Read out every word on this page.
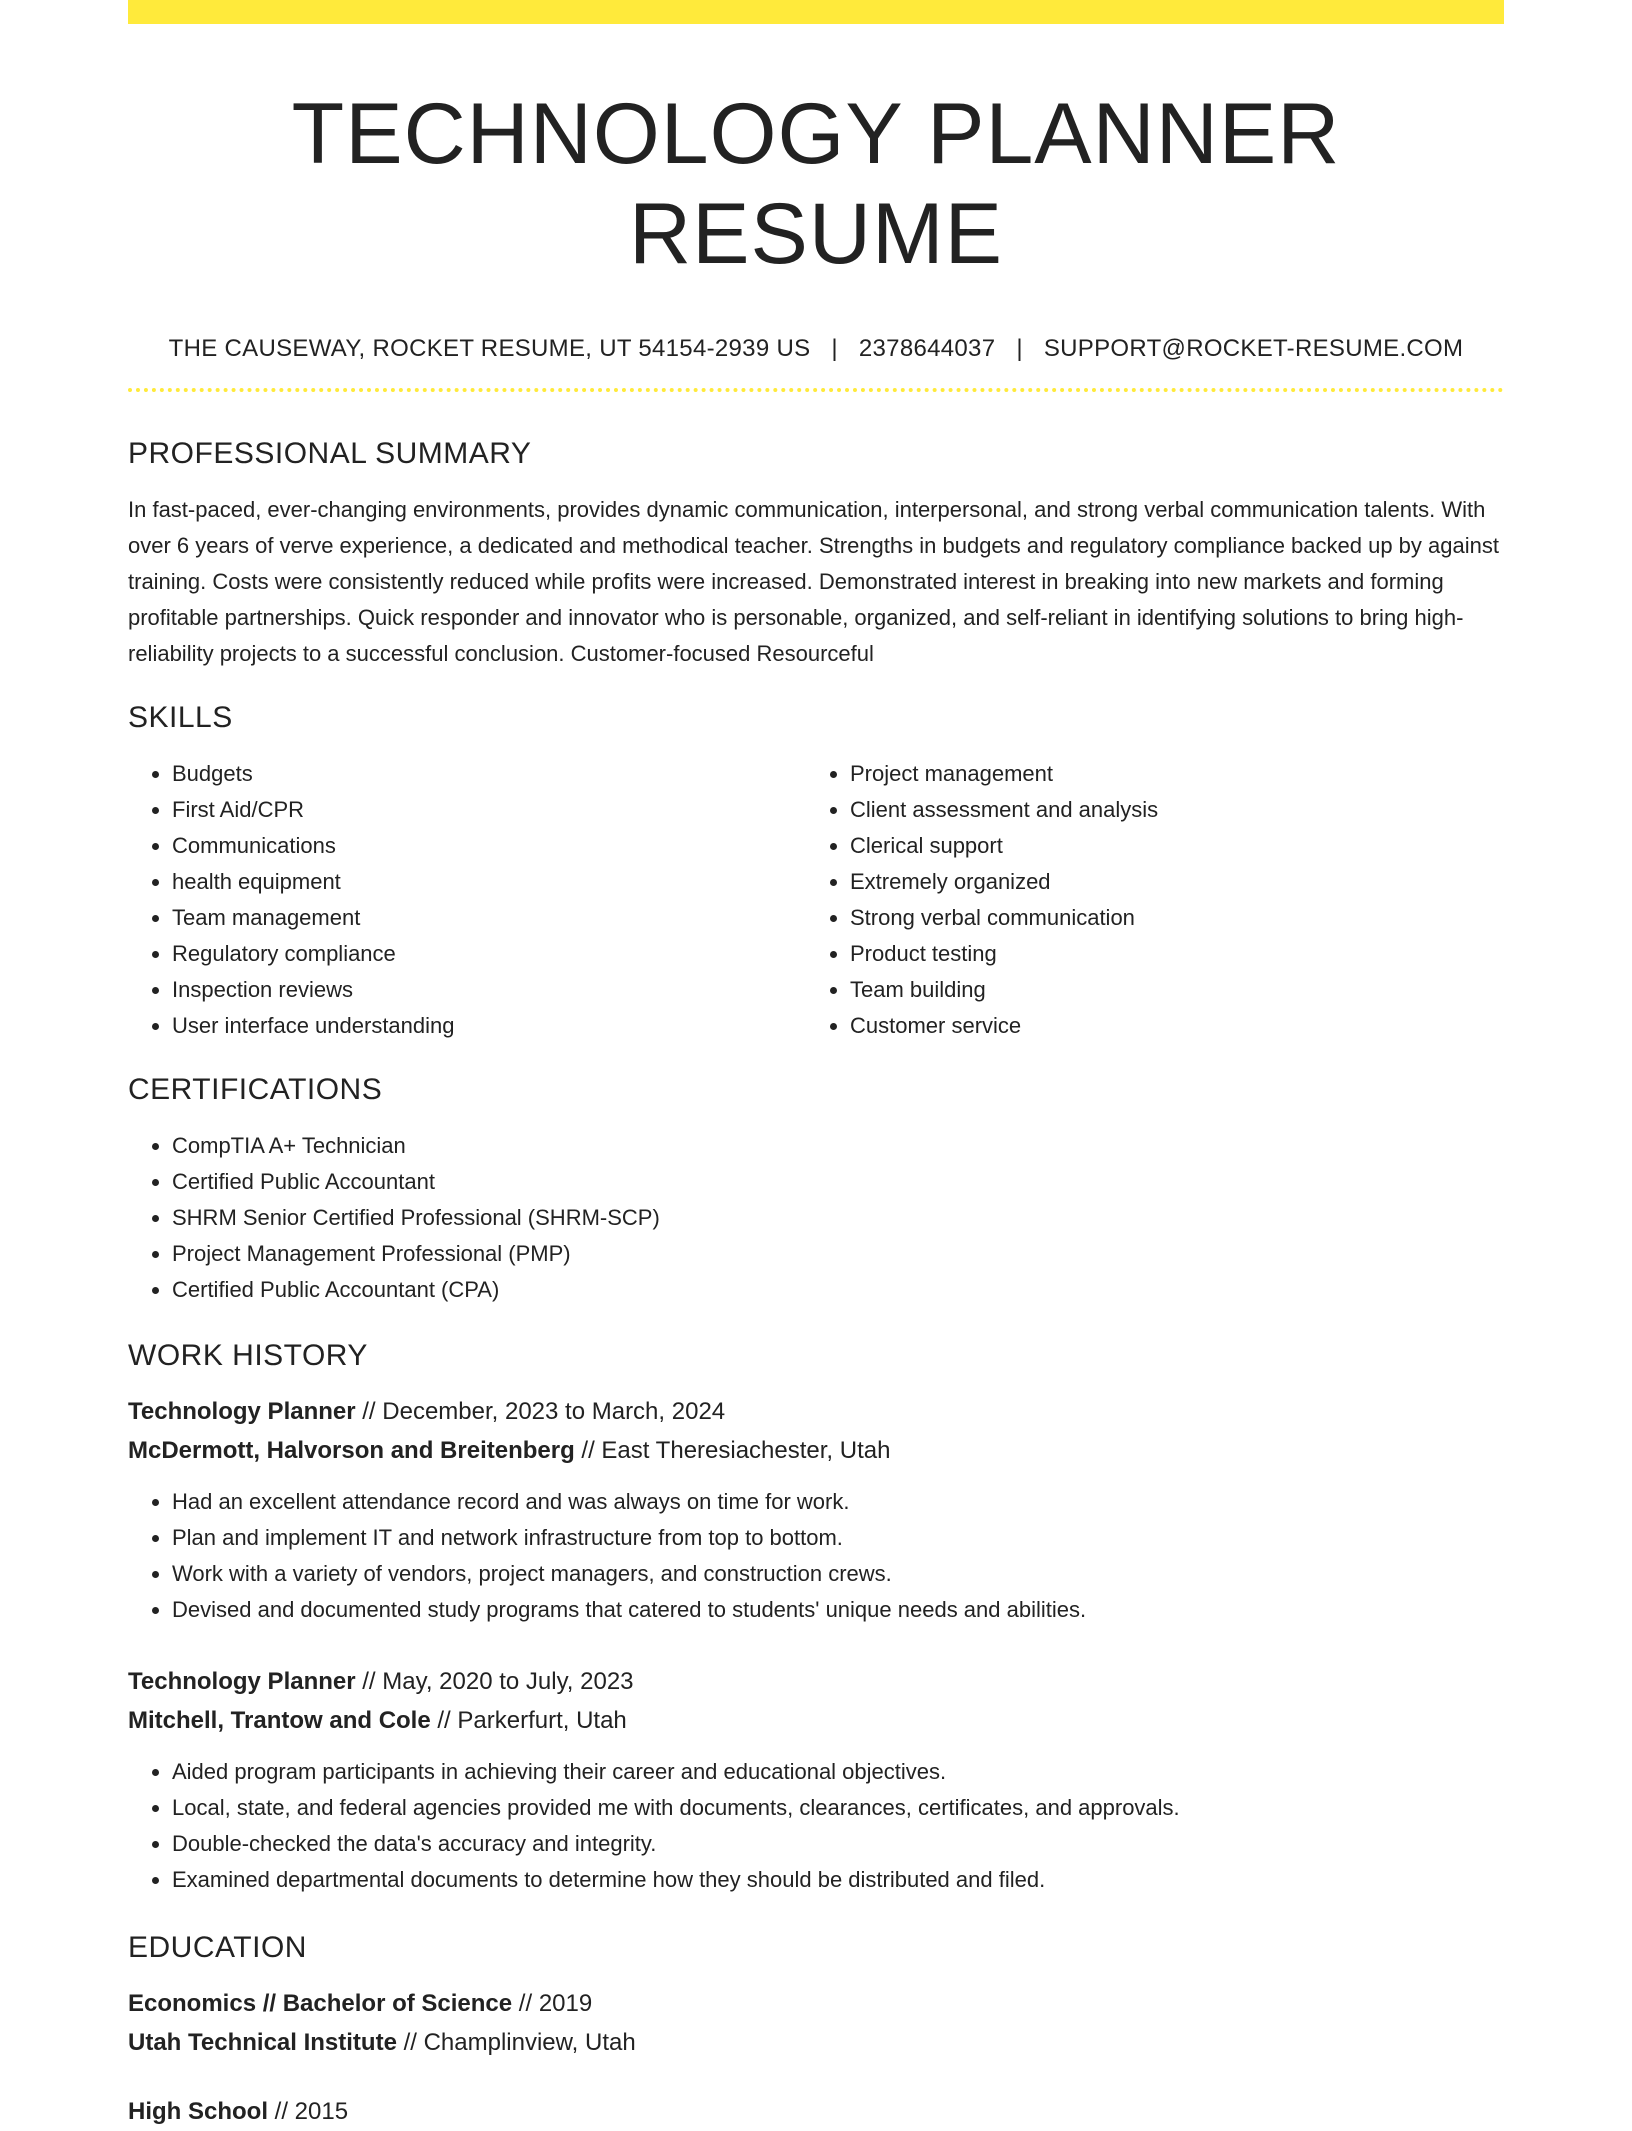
TECHNOLOGY PLANNER RESUME
THE CAUSEWAY, ROCKET RESUME, UT 54154-2939 US | 2378644037 | SUPPORT@ROCKET-RESUME.COM
PROFESSIONAL SUMMARY

In fast-paced, ever-changing environments, provides dynamic communication, interpersonal, and strong verbal communication talents. With over 6 years of verve experience, a dedicated and methodical teacher. Strengths in budgets and regulatory compliance backed up by against training. Costs were consistently reduced while profits were increased. Demonstrated interest in breaking into new markets and forming profitable partnerships. Quick responder and innovator who is personable, organized, and self-reliant in identifying solutions to bring high-reliability projects to a successful conclusion. Customer-focused Resourceful

SKILLS
• Budgets
• First Aid/CPR
• Communications
• health equipment
• Team management
• Regulatory compliance
• Inspection reviews
• User interface understanding
• Project management
• Client assessment and analysis
• Clerical support
• Extremely organized
• Strong verbal communication
• Product testing
• Team building
• Customer service
CERTIFICATIONS
• CompTIA A+ Technician
• Certified Public Accountant
• SHRM Senior Certified Professional (SHRM-SCP)
• Project Management Professional (PMP)
• Certified Public Accountant (CPA)
WORK HISTORY
Technology Planner // December, 2023 to March, 2024
McDermott, Halvorson and Breitenberg // East Theresiachester, Utah
• Had an excellent attendance record and was always on time for work.
• Plan and implement IT and network infrastructure from top to bottom.
• Work with a variety of vendors, project managers, and construction crews.
• Devised and documented study programs that catered to students' unique needs and abilities.
Technology Planner // May, 2020 to July, 2023
Mitchell, Trantow and Cole // Parkerfurt, Utah
• Aided program participants in achieving their career and educational objectives.
• Local, state, and federal agencies provided me with documents, clearances, certificates, and approvals.
• Double-checked the data's accuracy and integrity.
• Examined departmental documents to determine how they should be distributed and filed.
EDUCATION
Economics // Bachelor of Science // 2019
Utah Technical Institute // Champlinview, Utah
High School // 2015
